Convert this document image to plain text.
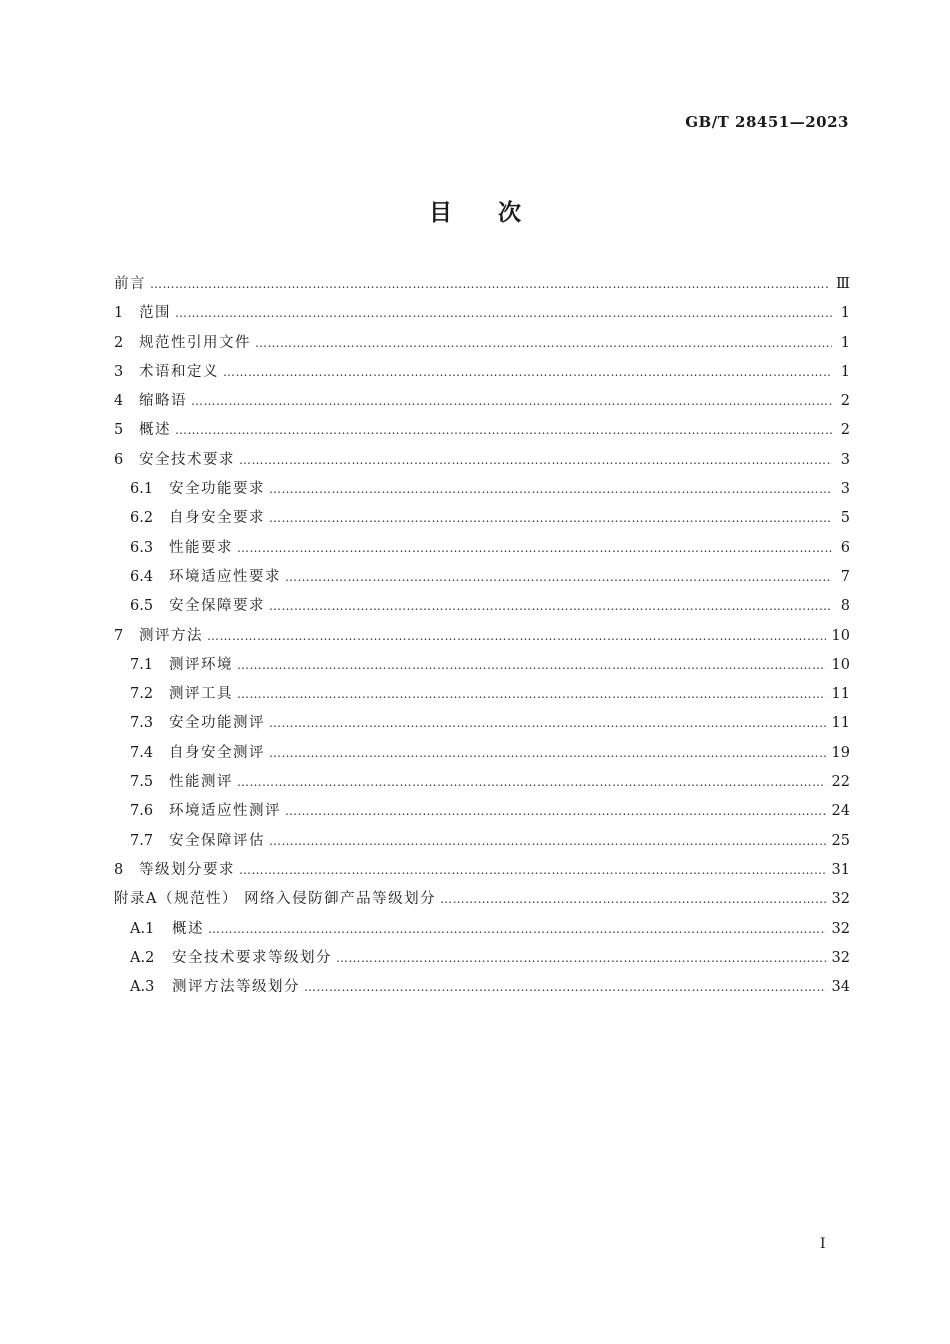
GB/T 28451—2023
目 次
前言 ……………………………………………………………………………………………………………………………………………………………………………………………………………………………………………………………………………………	Ⅲ
1	范围 ……………………………………………………………………………………………………………………………………………………………………………………………………………………………………………………………………………………	1
2	规范性引用文件 ……………………………………………………………………………………………………………………………………………………………………………………………………………………………………………………………………………………	1
3	术语和定义 ……………………………………………………………………………………………………………………………………………………………………………………………………………………………………………………………………………………	1
4	缩略语 ……………………………………………………………………………………………………………………………………………………………………………………………………………………………………………………………………………………	2
5	概述 ……………………………………………………………………………………………………………………………………………………………………………………………………………………………………………………………………………………	2
6	安全技术要求 ……………………………………………………………………………………………………………………………………………………………………………………………………………………………………………………………………………………	3
6.1	安全功能要求 ……………………………………………………………………………………………………………………………………………………………………………………………………………………………………………………………………………………	3
6.2	自身安全要求 ……………………………………………………………………………………………………………………………………………………………………………………………………………………………………………………………………………………	5
6.3	性能要求 ……………………………………………………………………………………………………………………………………………………………………………………………………………………………………………………………………………………	6
6.4	环境适应性要求 ……………………………………………………………………………………………………………………………………………………………………………………………………………………………………………………………………………………	7
6.5	安全保障要求 ……………………………………………………………………………………………………………………………………………………………………………………………………………………………………………………………………………………	8
7	测评方法 ……………………………………………………………………………………………………………………………………………………………………………………………………………………………………………………………………………………	10
7.1	测评环境 ……………………………………………………………………………………………………………………………………………………………………………………………………………………………………………………………………………………	10
7.2	测评工具 ……………………………………………………………………………………………………………………………………………………………………………………………………………………………………………………………………………………	11
7.3	安全功能测评 ……………………………………………………………………………………………………………………………………………………………………………………………………………………………………………………………………………………	11
7.4	自身安全测评 ……………………………………………………………………………………………………………………………………………………………………………………………………………………………………………………………………………………	19
7.5	性能测评 ……………………………………………………………………………………………………………………………………………………………………………………………………………………………………………………………………………………	22
7.6	环境适应性测评 ……………………………………………………………………………………………………………………………………………………………………………………………………………………………………………………………………………………	24
7.7	安全保障评估 ……………………………………………………………………………………………………………………………………………………………………………………………………………………………………………………………………………………	25
8	等级划分要求 ……………………………………………………………………………………………………………………………………………………………………………………………………………………………………………………………………………………	31
附录A（规范性） 网络入侵防御产品等级划分 ……………………………………………………………………………………………………………………………………………………………………………………………………………………………………………………………………………………	32
A.1	概述 ……………………………………………………………………………………………………………………………………………………………………………………………………………………………………………………………………………………	32
A.2	安全技术要求等级划分 ……………………………………………………………………………………………………………………………………………………………………………………………………………………………………………………………………………………	32
A.3	测评方法等级划分 ……………………………………………………………………………………………………………………………………………………………………………………………………………………………………………………………………………………	34
I
